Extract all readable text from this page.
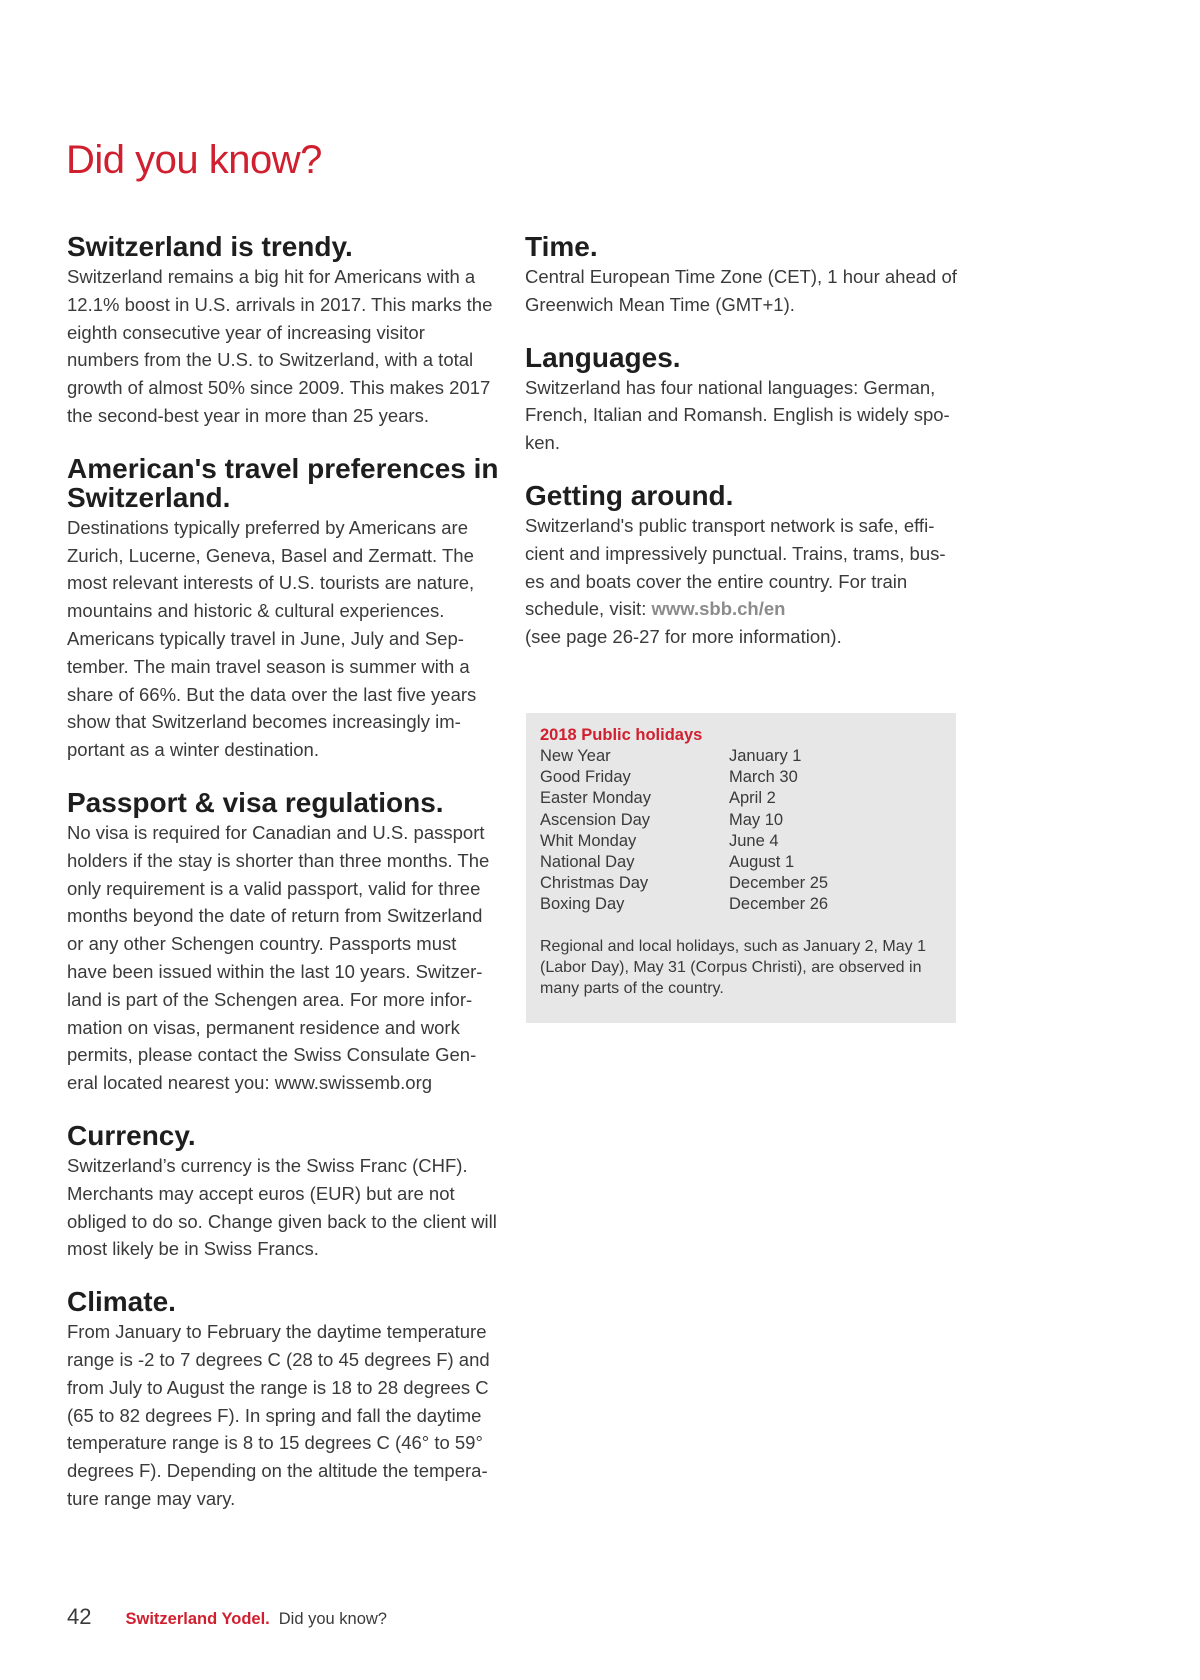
Did you know?
Switzerland is trendy.

Switzerland remains a big hit for Americans with a 12.1% boost in U.S. arrivals in 2017. This marks the eighth consecutive year of increasing visitor numbers from the U.S. to Switzerland, with a total growth of almost 50% since 2009. This makes 2017 the second-best year in more than 25 years.

American's travel preferences in Switzerland.

Destinations typically preferred by Americans are Zurich, Lucerne, Geneva, Basel and Zermatt. The most relevant interests of U.S. tourists are nature, mountains and historic & cultural experiences. Americans typically travel in June, July and September. The main travel season is summer with a share of 66%. But the data over the last five years show that Switzerland becomes increasingly important as a winter destination.

Passport & visa regulations.

No visa is required for Canadian and U.S. passport holders if the stay is shorter than three months. The only requirement is a valid passport, valid for three months beyond the date of return from Switzerland or any other Schengen country. Passports must have been issued within the last 10 years. Switzerland is part of the Schengen area. For more information on visas, permanent residence and work permits, please contact the Swiss Consulate General located nearest you: www.swissemb.org

Currency.

Switzerland’s currency is the Swiss Franc (CHF). Merchants may accept euros (EUR) but are not obliged to do so. Change given back to the client will most likely be in Swiss Francs.

Climate.

From January to February the daytime temperature range is -2 to 7 degrees C (28 to 45 degrees F) and from July to August the range is 18 to 28 degrees C (65 to 82 degrees F). In spring and fall the daytime temperature range is 8 to 15 degrees C (46° to 59° degrees F). Depending on the altitude the temperature range may vary.

Time.

Central European Time Zone (CET), 1 hour ahead of Greenwich Mean Time (GMT+1).

Languages.

Switzerland has four national languages: German, French, Italian and Romansh. English is widely spoken.

Getting around.

Switzerland's public transport network is safe, efficient and impressively punctual. Trains, trams, buses and boats cover the entire country. For train schedule, visit: www.sbb.ch/en
(see page 26-27 for more information).

2018 Public holidays
New Year	January 1
Good Friday	March 30
Easter Monday	April 2
Ascension Day	May 10
Whit Monday	June 4
National Day	August 1
Christmas Day	December 25
Boxing Day	December 26
Regional and local holidays, such as January 2, May 1 (Labor Day), May 31 (Corpus Christi), are observed in many parts of the country.
42 Switzerland Yodel. Did you know?
